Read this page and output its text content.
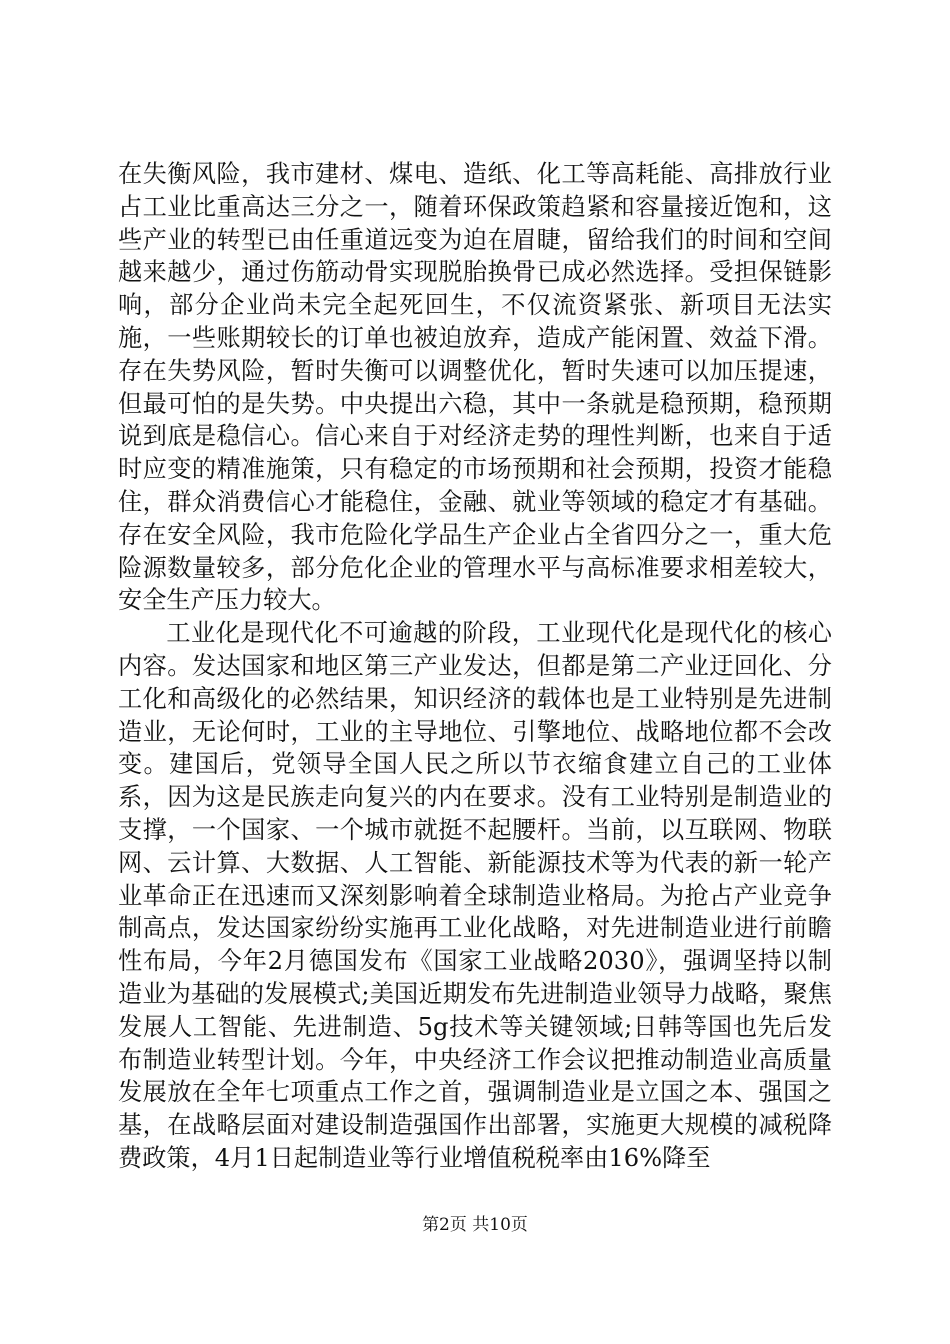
在失衡风险，我市建材、煤电、造纸、化工等高耗能、高排放行业占工业比重高达三分之一，随着环保政策趋紧和容量接近饱和，这些产业的转型已由任重道远变为迫在眉睫，留给我们的时间和空间越来越少，通过伤筋动骨实现脱胎换骨已成必然选择。受担保链影响，部分企业尚未完全起死回生，不仅流资紧张、新项目无法实施，一些账期较长的订单也被迫放弃，造成产能闲置、效益下滑。存在失势风险，暂时失衡可以调整优化，暂时失速可以加压提速，但最可怕的是失势。中央提出六稳，其中一条就是稳预期，稳预期说到底是稳信心。信心来自于对经济走势的理性判断，也来自于适时应变的精准施策，只有稳定的市场预期和社会预期，投资才能稳住，群众消费信心才能稳住，金融、就业等领域的稳定才有基础。存在安全风险，我市危险化学品生产企业占全省四分之一，重大危险源数量较多，部分危化企业的管理水平与高标准要求相差较大，安全生产压力较大。

工业化是现代化不可逾越的阶段，工业现代化是现代化的核心内容。发达国家和地区第三产业发达，但都是第二产业迂回化、分工化和高级化的必然结果，知识经济的载体也是工业特别是先进制造业，无论何时，工业的主导地位、引擎地位、战略地位都不会改变。建国后，党领导全国人民之所以节衣缩食建立自己的工业体系，因为这是民族走向复兴的内在要求。没有工业特别是制造业的支撑，一个国家、一个城市就挺不起腰杆。当前，以互联网、物联网、云计算、大数据、人工智能、新能源技术等为代表的新一轮产业革命正在迅速而又深刻影响着全球制造业格局。为抢占产业竞争制高点，发达国家纷纷实施再工业化战略，对先进制造业进行前瞻性布局，今年2月德国发布《国家工业战略2030》，强调坚持以制造业为基础的发展模式;美国近期发布先进制造业领导力战略，聚焦发展人工智能、先进制造、5g技术等关键领域;日韩等国也先后发布制造业转型计划。今年，中央经济工作会议把推动制造业高质量发展放在全年七项重点工作之首，强调制造业是立国之本、强国之基，在战略层面对建设制造强国作出部署，实施更大规模的减税降费政策，4月1日起制造业等行业增值税税率由16%降至

第2页 共10页
